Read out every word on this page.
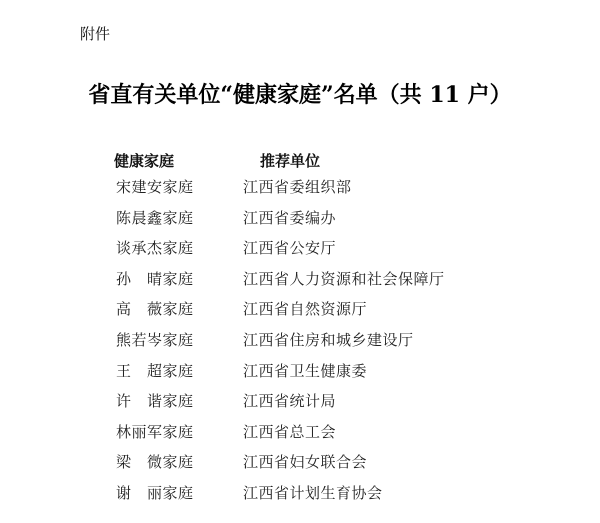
附件
省直有关单位“健康家庭”名单（共 11 户）
健康家庭	推荐单位
宋建安家庭	江西省委组织部
陈晨鑫家庭	江西省委编办
谈承杰家庭	江西省公安厅
孙　晴家庭	江西省人力资源和社会保障厅
高　薇家庭	江西省自然资源厅
熊若岑家庭	江西省住房和城乡建设厅
王　超家庭	江西省卫生健康委
许　谐家庭	江西省统计局
林丽军家庭	江西省总工会
梁　微家庭	江西省妇女联合会
谢　丽家庭	江西省计划生育协会
